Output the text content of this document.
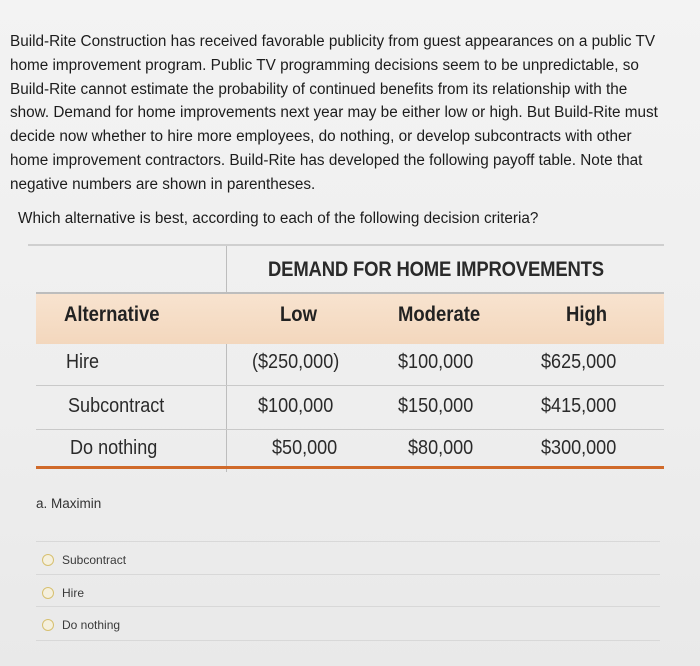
Build-Rite Construction has received favorable publicity from guest appearances on a public TV home improvement program. Public TV programming decisions seem to be unpredictable, so Build-Rite cannot estimate the probability of continued benefits from its relationship with the show. Demand for home improvements next year may be either low or high. But Build-Rite must decide now whether to hire more employees, do nothing, or develop subcontracts with other home improvement contractors. Build-Rite has developed the following payoff table. Note that negative numbers are shown in parentheses.
Which alternative is best, according to each of the following decision criteria?
DEMAND FOR HOME IMPROVEMENTS
Alternative	Low	Moderate	High
Hire	($250,000)	$100,000	$625,000
Subcontract	$100,000	$150,000	$415,000
Do nothing	$50,000	$80,000	$300,000
a. Maximin
Subcontract
Hire
Do nothing
